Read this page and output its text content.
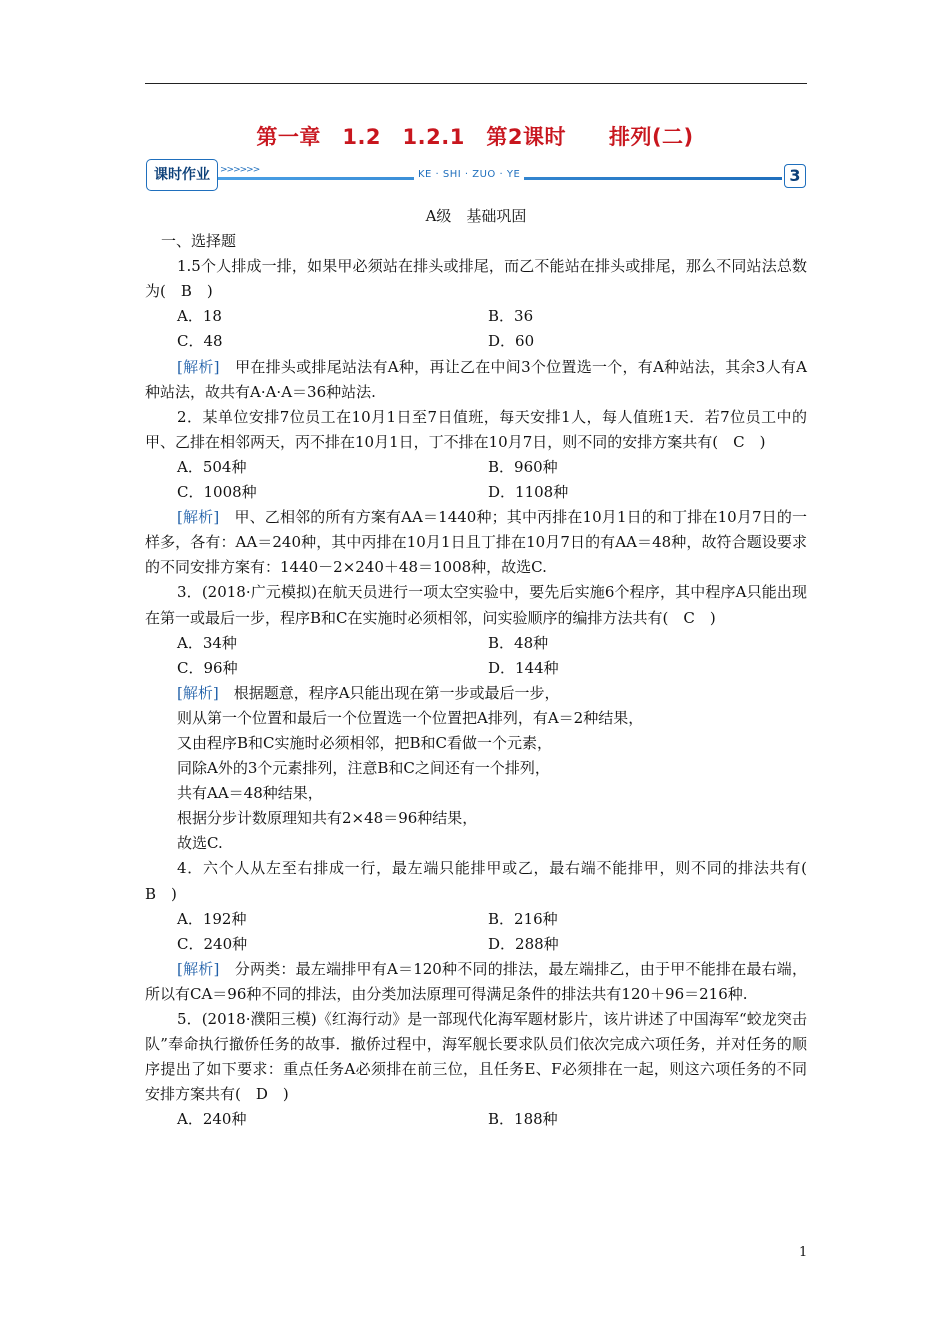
第一章　1.2　1.2.1　第2课时　　排列(二)
课时作业	>>>>>>	KE · SHI · ZUO · YE	3

A级　基础巩固

一、选择题

1.5个人排成一排，如果甲必须站在排头或排尾，而乙不能站在排头或排尾，那么不同站法总数为(　B　)

A．18	B．36
C．48	D．60

[解析]　甲在排头或排尾站法有A种，再让乙在中间3个位置选一个，有A种站法，其余3人有A种站法，故共有A·A·A＝36种站法.

2．某单位安排7位员工在10月1日至7日值班，每天安排1人，每人值班1天．若7位员工中的甲、乙排在相邻两天，丙不排在10月1日，丁不排在10月7日，则不同的安排方案共有(　C　)

A．504种	B．960种
C．1008种	D．1108种

[解析]　甲、乙相邻的所有方案有AA＝1440种；其中丙排在10月1日的和丁排在10月7日的一样多，各有：AA＝240种，其中丙排在10月1日且丁排在10月7日的有AA＝48种，故符合题设要求的不同安排方案有：1440－2×240＋48＝1008种，故选C.

3．(2018·广元模拟)在航天员进行一项太空实验中，要先后实施6个程序，其中程序A只能出现在第一或最后一步，程序B和C在实施时必须相邻，问实验顺序的编排方法共有(　C　)

A．34种	B．48种
C．96种	D．144种

[解析]　根据题意，程序A只能出现在第一步或最后一步，

则从第一个位置和最后一个位置选一个位置把A排列，有A＝2种结果，

又由程序B和C实施时必须相邻，把B和C看做一个元素，

同除A外的3个元素排列，注意B和C之间还有一个排列，

共有AA＝48种结果，

根据分步计数原理知共有2×48＝96种结果，

故选C.

4．六个人从左至右排成一行，最左端只能排甲或乙，最右端不能排甲，则不同的排法共有(　B　)

A．192种	B．216种
C．240种	D．288种

[解析]　分两类：最左端排甲有A＝120种不同的排法，最左端排乙，由于甲不能排在最右端，所以有CA＝96种不同的排法，由分类加法原理可得满足条件的排法共有120＋96＝216种.

5．(2018·濮阳三模)《红海行动》是一部现代化海军题材影片，该片讲述了中国海军“蛟龙突击队”奉命执行撤侨任务的故事．撤侨过程中，海军舰长要求队员们依次完成六项任务，并对任务的顺序提出了如下要求：重点任务A必须排在前三位，且任务E、F必须排在一起，则这六项任务的不同安排方案共有(　D　)

A．240种	B．188种
1
